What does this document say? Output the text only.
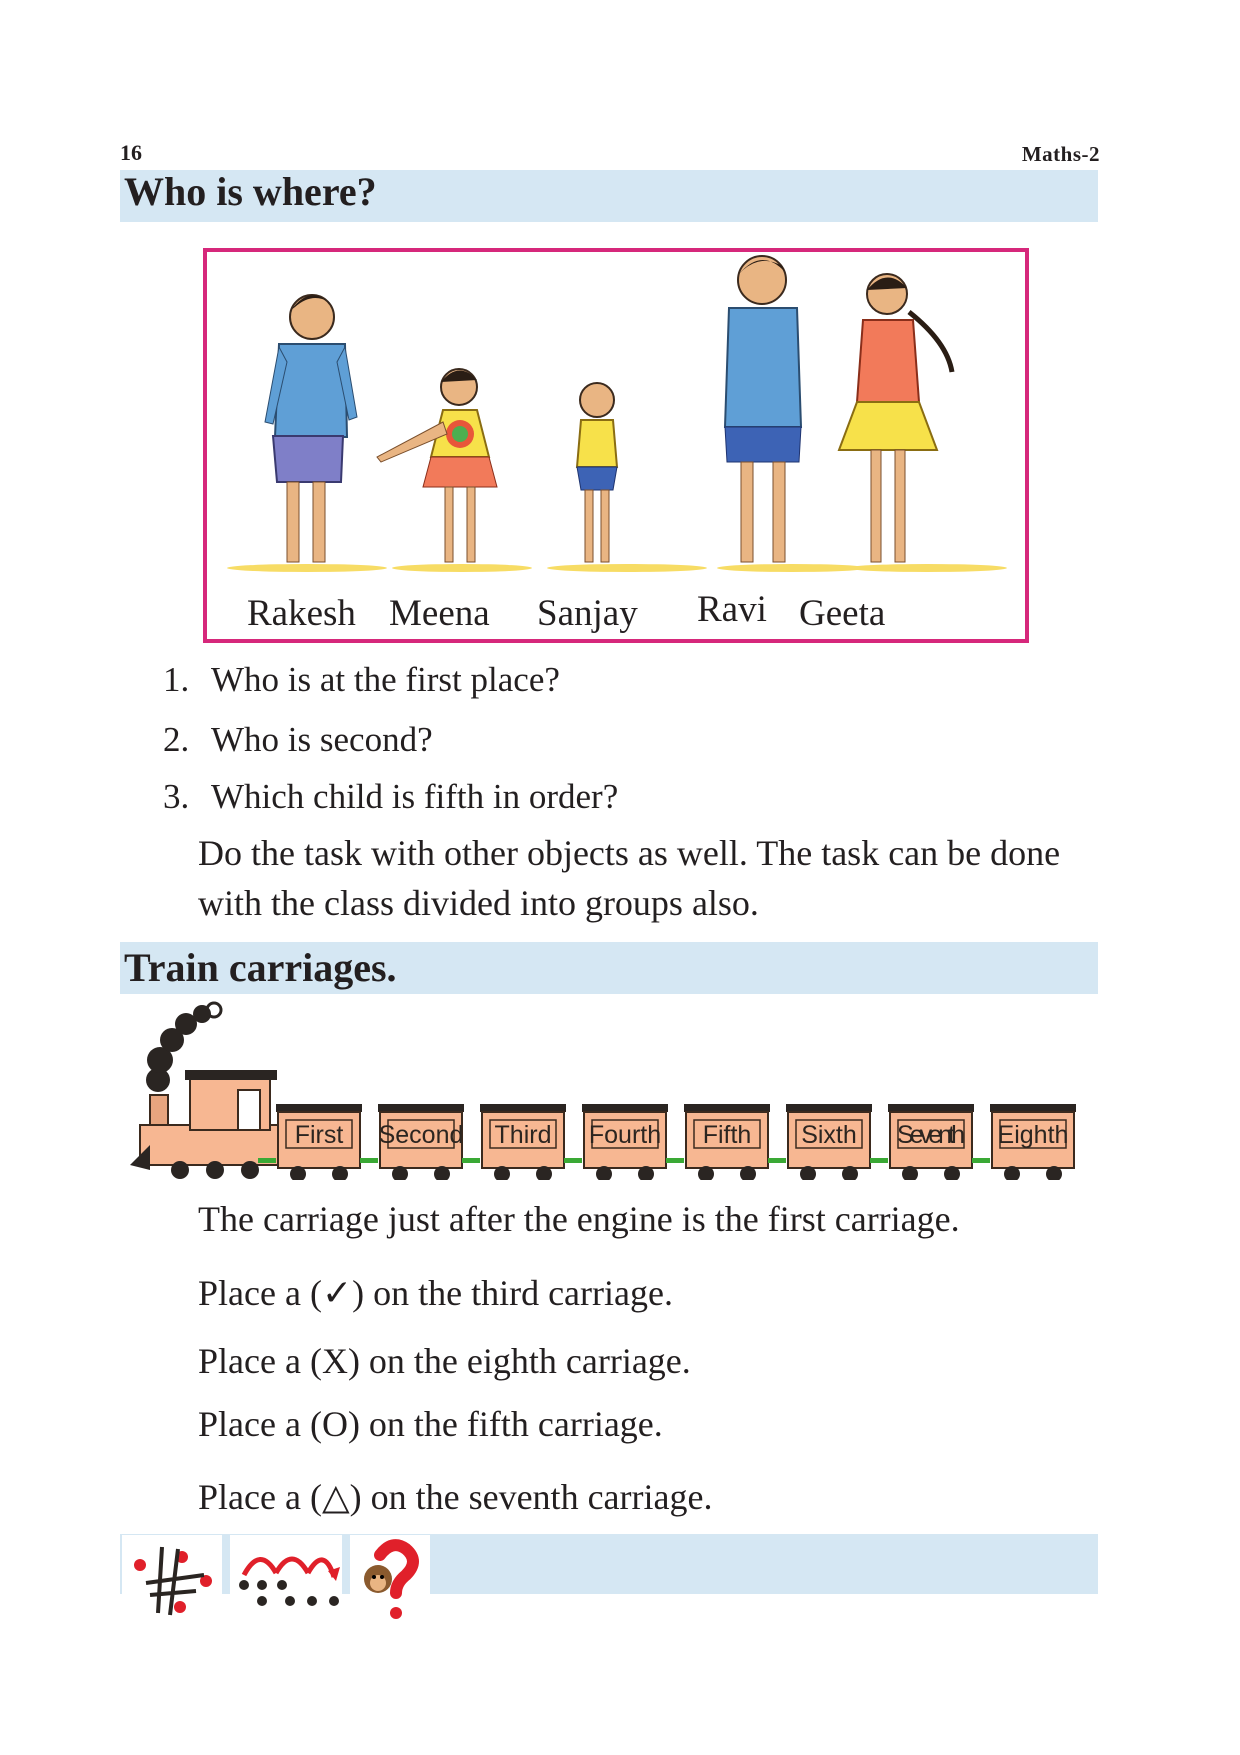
16	Maths-2
Who is where?
Rakesh Meena Sanjay Ravi Geeta
1. Who is at the first place?
2. Who is second?
3. Which child is fifth in order?
Do the task with other objects as well. The task can be done
with the class divided into groups also.
Train carriages.
First Second Third Fourth Fifth Sixth Seventh Eighth
The carriage just after the engine is the first carriage.
Place a (✓) on the third carriage.
Place a (X) on the eighth carriage.
Place a (O) on the fifth carriage.
Place a (△) on the seventh carriage.
